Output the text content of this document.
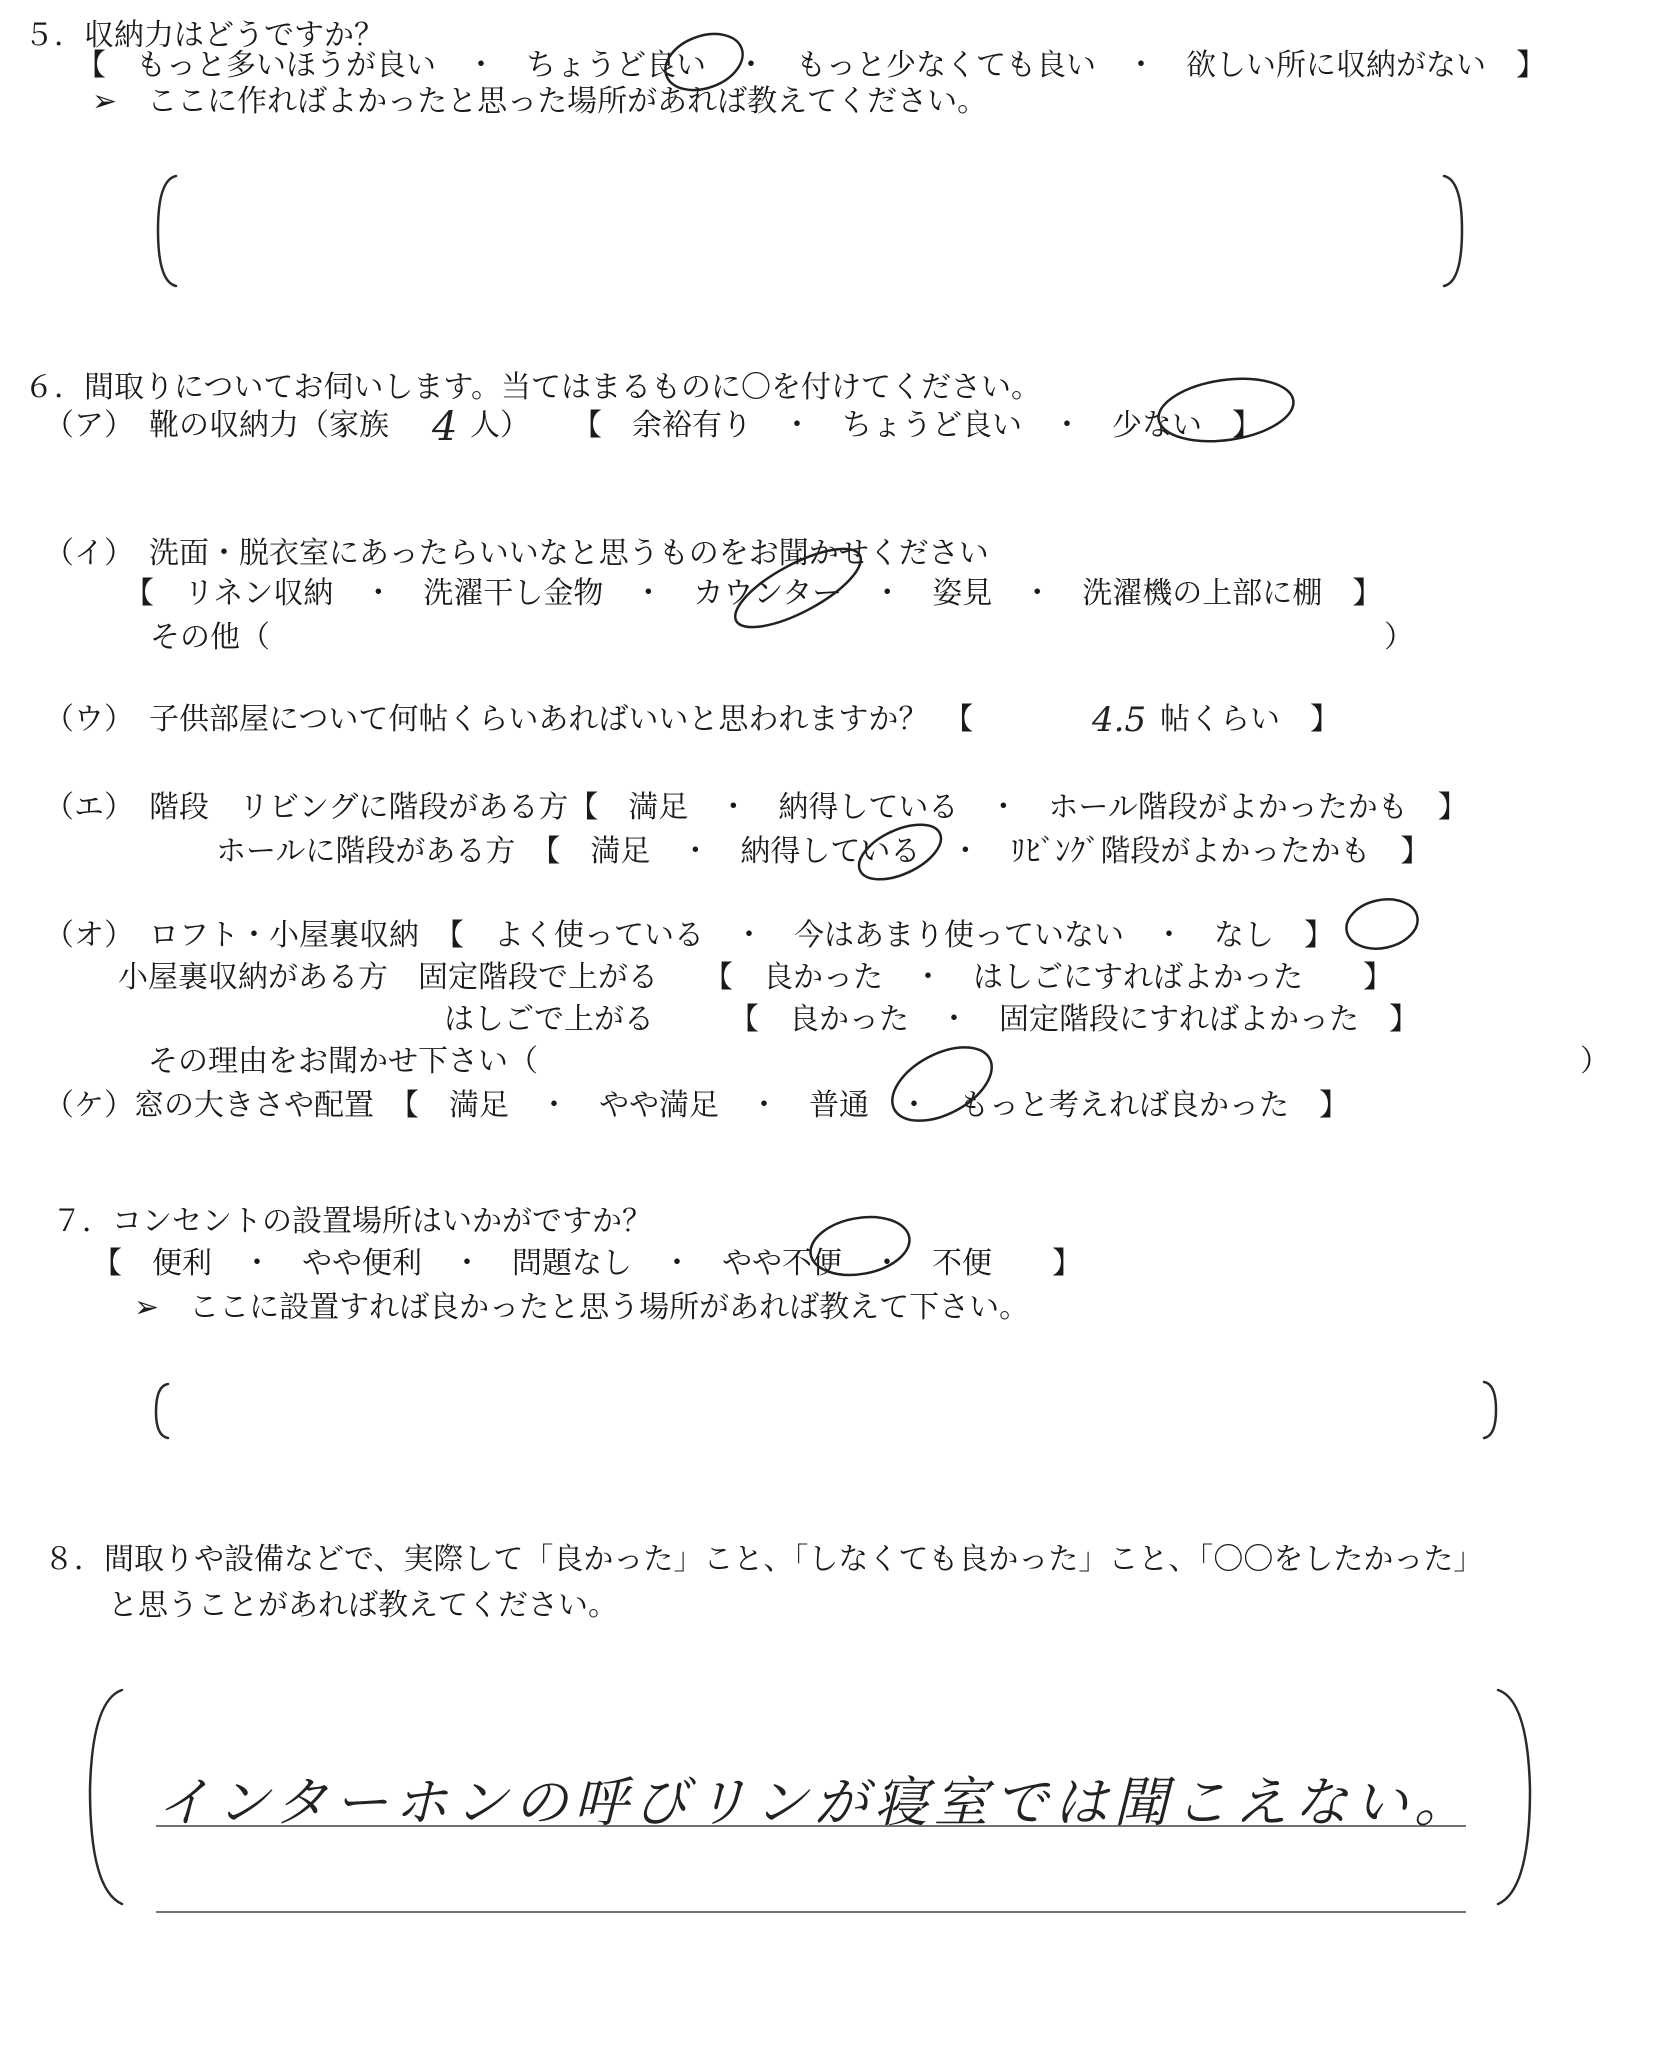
５．収納力はどうですか？
【　もっと多いほうが良い　・　ちょうど良い　・　もっと少なくても良い　・　欲しい所に収納がない　】
➢　ここに作ればよかったと思った場所があれば教えてください。
６．間取りについてお伺いします。当てはまるものに〇を付けてください。
（ア）　靴の収納力（家族 4 人） 【　余裕有り　・　ちょうど良い　・　少ない　】
（イ）　洗面・脱衣室にあったらいいなと思うものをお聞かせください
【　リネン収納　・　洗濯干し金物　・　カウンター　・　姿見　・　洗濯機の上部に棚　】
その他（	）
（ウ）　子供部屋について何帖くらいあればいいと思われますか？　【	4.5 帖くらい　】
（エ）　階段　リビングに階段がある方【　満足　・　納得している　・　ホール階段がよかったかも　】
ホールに階段がある方　【　満足　・　納得している　・　ﾘﾋﾞﾝｸﾞ階段がよかったかも　】
（オ）　ロフト・小屋裏収納　【　よく使っている　・　今はあまり使っていない　・　なし　】
小屋裏収納がある方　固定階段で上がる　　【　良かった　・　はしごにすればよかった　　】
はしごで上がる　　　【　良かった　・　固定階段にすればよかった　】
その理由をお聞かせ下さい（	）
（ケ）窓の大きさや配置　【　満足　・　やや満足　・　普通　・　もっと考えれば良かった　】
７．コンセントの設置場所はいかがですか？
【　便利　・　やや便利　・　問題なし　・　やや不便　・　不便　　】
➢　ここに設置すれば良かったと思う場所があれば教えて下さい。
８．間取りや設備などで、実際して「良かった」こと、「しなくても良かった」こと、「〇〇をしたかった」
と思うことがあれば教えてください。
インターホンの呼びリンが寝室では聞こえない。
